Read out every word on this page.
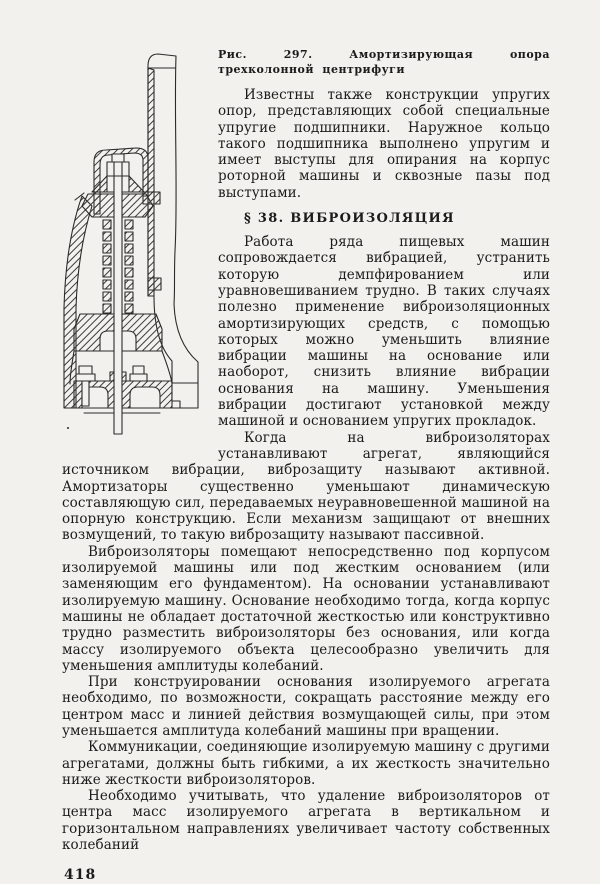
Рис. 297. Амортизирующая опора трехколонной центрифуги

Известны также конструкции упругих опор, представляющих собой специальные упругие подшипники. Наружное кольцо такого подшипника выполнено упругим и имеет выступы для опирания на корпус роторной машины и сквозные пазы под выступами.

§ 38. ВИБРОИЗОЛЯЦИЯ

Работа ряда пищевых машин сопровождается вибрацией, устранить которую демпфированием или уравновешиванием трудно. В таких случаях полезно применение виброизоляционных амортизирующих средств, с помощью которых можно уменьшить влияние вибрации машины на основание или наоборот, снизить влияние вибрации основания на машину. Уменьшения вибрации достигают установкой между машиной и основанием упругих прокладок.

Когда на виброизоляторах устанавливают агрегат, являющийся источником вибрации, виброзащиту называют активной. Амортизаторы существенно уменьшают динамическую составляющую сил, передаваемых неуравновешенной машиной на опорную конструкцию. Если механизм защищают от внешних возмущений, то такую виброзащиту называют пассивной.

Виброизоляторы помещают непосредственно под корпусом изолируемой машины или под жестким основанием (или заменяющим его фундаментом). На основании устанавливают изолируемую машину. Основание необходимо тогда, когда корпус машины не обладает достаточной жесткостью или конструктивно трудно разместить виброизоляторы без основания, или когда массу изолируемого объекта целесообразно увеличить для уменьшения амплитуды колебаний.

При конструировании основания изолируемого агрегата необходимо, по возможности, сокращать расстояние между его центром масс и линией действия возмущающей силы, при этом уменьшается амплитуда колебаний машины при вращении.

Коммуникации, соединяющие изолируемую машину с другими агрегатами, должны быть гибкими, а их жесткость значительно ниже жесткости виброизоляторов.

Необходимо учитывать, что удаление виброизоляторов от центра масс изолируемого агрегата в вертикальном и горизонтальном направлениях увеличивает частоту собственных колебаний

418
